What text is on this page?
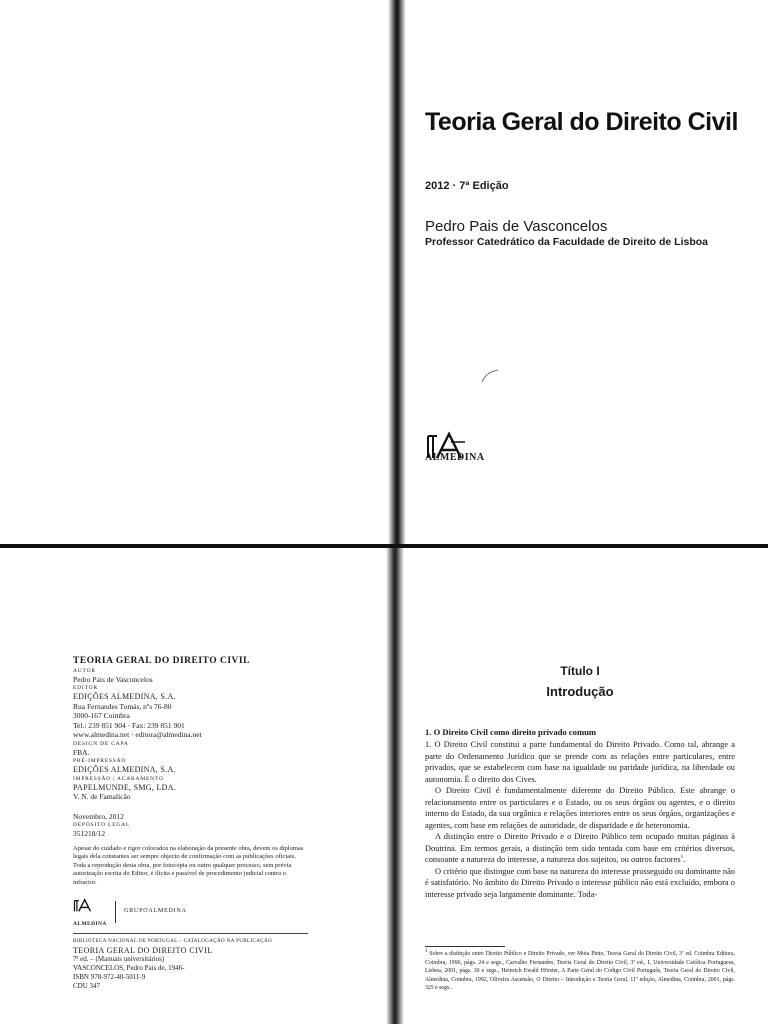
Teoria Geral do Direito Civil
2012 · 7ª Edição
Pedro Pais de Vasconcelos
Professor Catedrático da Faculdade de Direito de Lisboa
ALMEDINA
TEORIA GERAL DO DIREITO CIVIL
AUTOR
Pedro Pais de Vasconcelos
EDITOR
EDIÇÕES ALMEDINA, S.A.
Rua Fernandes Tomás, nºs 76-80
3000-167 Coimbra
Tel.: 239 851 904 · Fax: 239 851 901
www.almedina.net · editora@almedina.net
DESIGN DE CAPA
FBA.
PRÉ-IMPRESSÃO
EDIÇÕES ALMEDINA, S.A.
IMPRESSÃO | ACABAMENTO
PAPELMUNDE, SMG, LDA.
V. N. de Famalicão
Novembro, 2012
DEPÓSITO LEGAL
351218/12
Apesar do cuidado e rigor colocados na elaboração da presente obra, devem os diplomas legais dela constantes ser sempre objecto de confirmação com as publicações oficiais.
Toda a reprodução desta obra, por fotocópia ou outro qualquer processo, sem prévia autorização escrita do Editor, é ilícita e passível de procedimento judicial contra o infractor.
ALMEDINA
GRUPOALMEDINA
BIBLIOTECA NACIONAL DE PORTUGAL – CATALOGAÇÃO NA PUBLICAÇÃO
TEORIA GERAL DO DIREITO CIVIL
7ª ed. – (Manuais universitários)
VASCONCELOS, Pedro Pais de, 1946-
ISBN 978-972-40-5011-9
CDU 347
Título I
Introdução
1. O Direito Civil como direito privado comum

1. O Direito Civil constitui a parte fundamental do Direito Privado. Como tal, abrange a parte do Ordenamento Jurídico que se prende com as relações entre particulares, entre privados, que se estabelecem com base na igualdade ou paridade jurídica, na liberdade ou autonomia. É o direito dos Cives.

O Direito Civil é fundamentalmente diferente do Direito Público. Este abrange o relacionamento entre os particulares e o Estado, ou os seus órgãos ou agentes, e o direito interno do Estado, da sua orgânica e relações interiores entre os seus órgãos, organizações e agentes, com base em relações de autoridade, de disparidade e de heteronomia.

A distinção entre o Direito Privado e o Direito Público tem ocupado muitas páginas à Doutrina. Em termos gerais, a distinção tem sido tentada com base em critérios diversos, consoante a natureza do interesse, a natureza dos sujeitos, ou outros factores$^1$.

O critério que distingue com base na natureza do interesse prosseguido ou dominante não é satisfatório. No âmbito do Direito Privado o interesse público não está excluído, embora o interesse privado seja largamente dominante. Toda-

$^1$ Sobre a distinção entre Direito Público e Direito Privado, ver Mota Pinto, Teoria Geral do Direito Civil, 3ª ed. Coimbra Editora, Coimbra, 1996, págs. 24 e segs., Carvalho Fernandes, Teoria Geral do Direito Civil, 3ª ed., I, Universidade Católica Portuguesa, Lisboa, 2001, págs. 30 e segs., Heinrich Ewald Hörster, A Parte Geral do Código Civil Português, Teoria Geral do Direito Civil, Almedina, Coimbra, 1992, Oliveira Ascensão, O Direito – Introdução e Teoria Geral, 11ª edição, Almedina, Coimbra, 2001, págs. 325 e segs..
